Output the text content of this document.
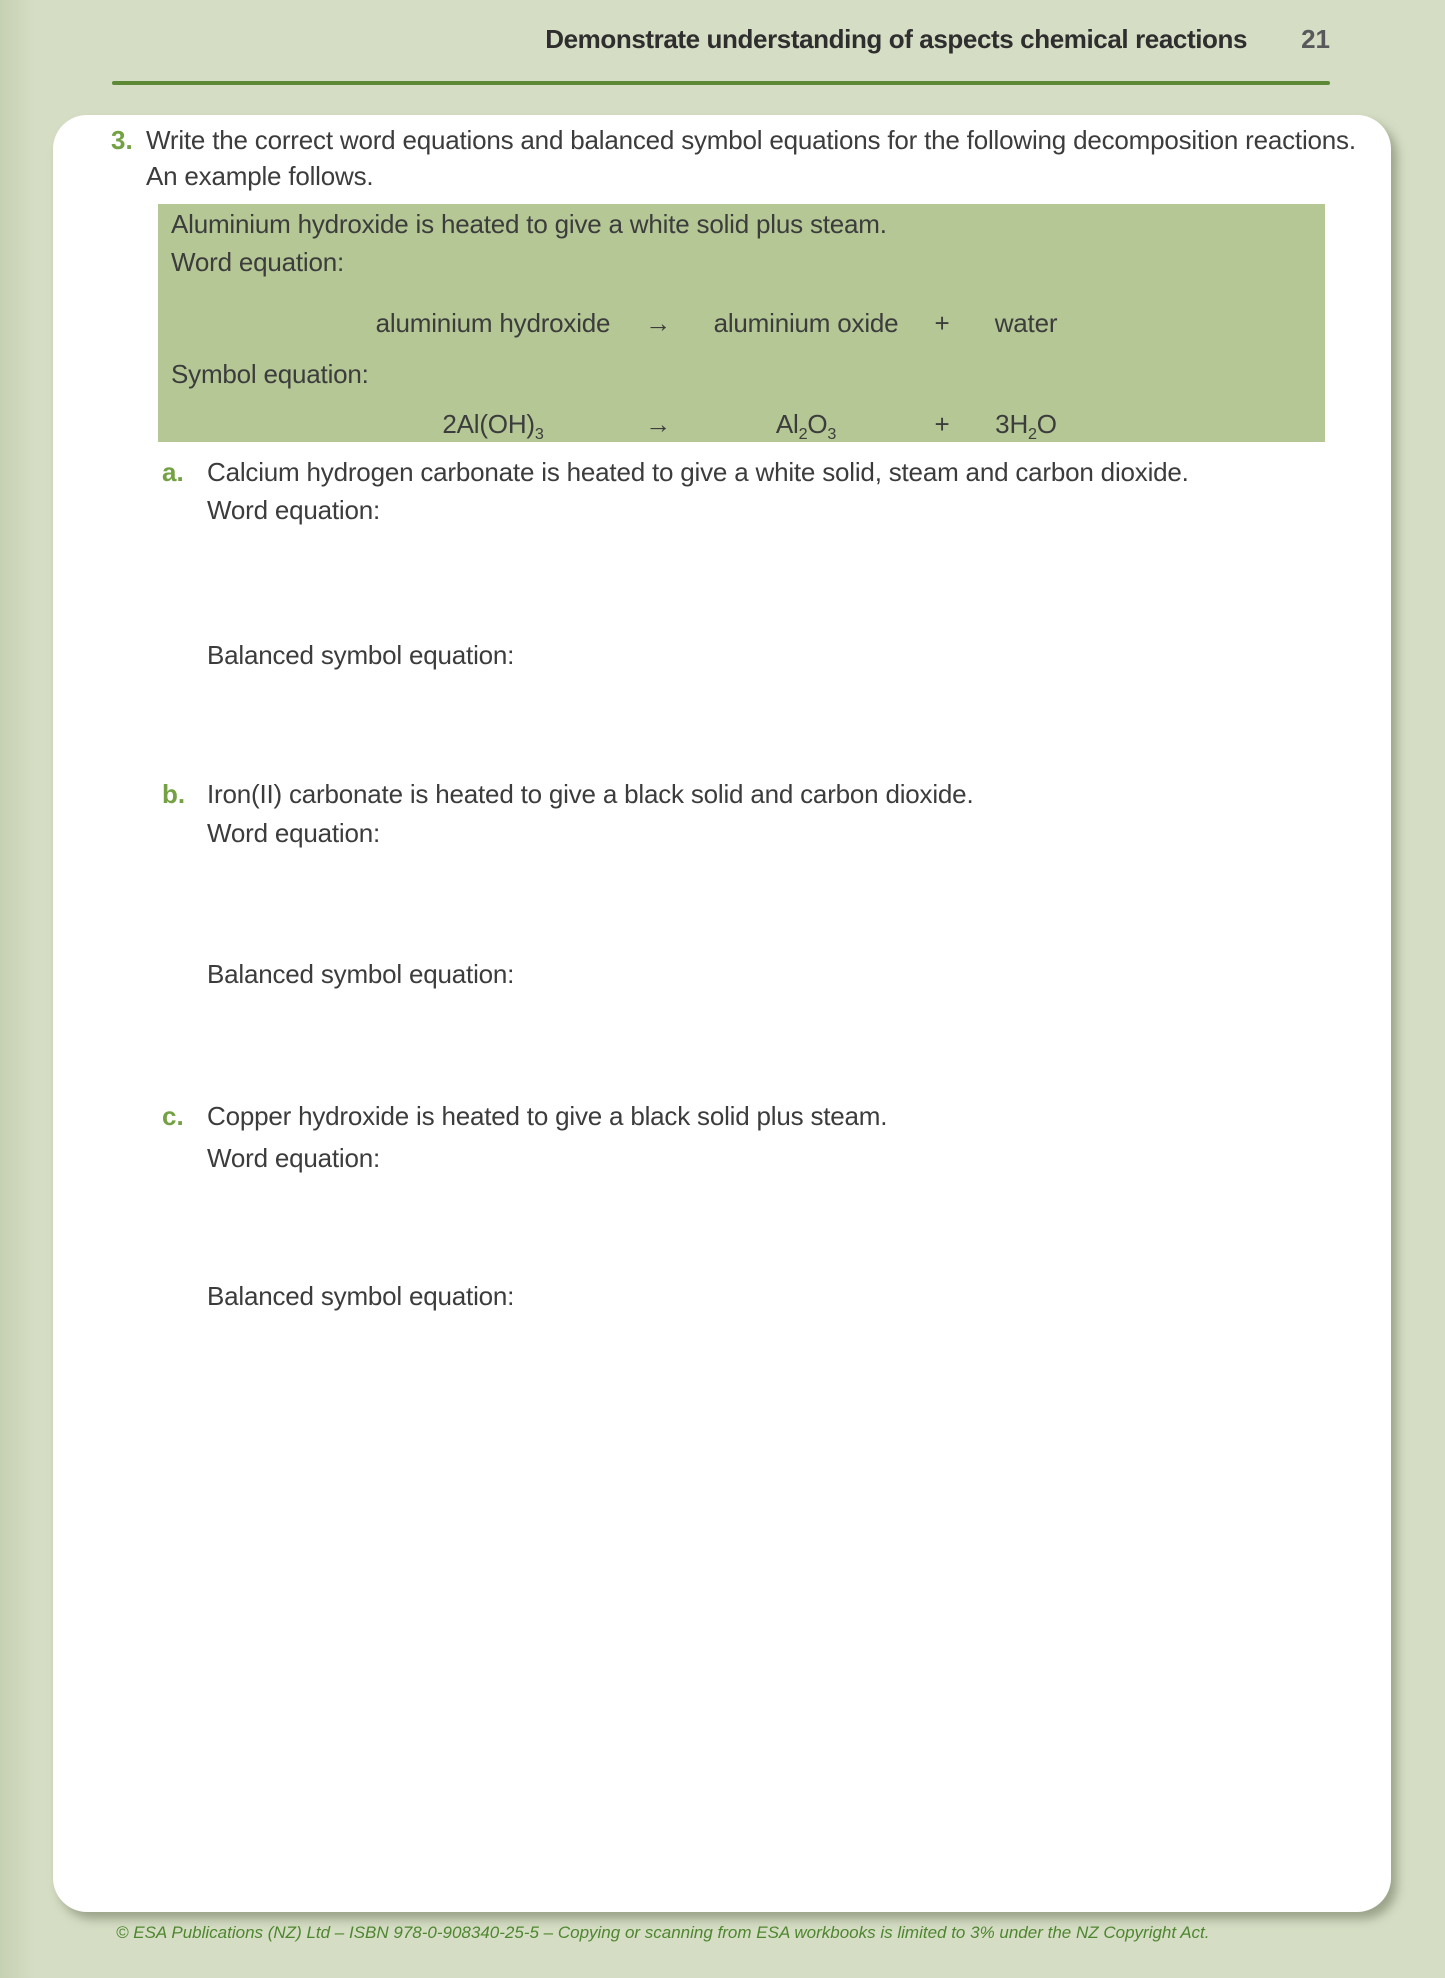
Demonstrate understanding of aspects chemical reactions 21
3. Write the correct word equations and balanced symbol equations for the following decomposition reactions.
An example follows.
Aluminium hydroxide is heated to give a white solid plus steam.
Word equation:
aluminium hydroxide → aluminium oxide + water
Symbol equation:
$2Al(OH)_3$	→	$Al_2O_3$	+ $3H_2O$
a. Calcium hydrogen carbonate is heated to give a white solid, steam and carbon dioxide.
Word equation:
Balanced symbol equation:
b. Iron(II) carbonate is heated to give a black solid and carbon dioxide.
Word equation:
Balanced symbol equation:
c. Copper hydroxide is heated to give a black solid plus steam.
Word equation:
Balanced symbol equation:
© ESA Publications (NZ) Ltd – ISBN 978-0-908340-25-5 – Copying or scanning from ESA workbooks is limited to 3% under the NZ Copyright Act.
